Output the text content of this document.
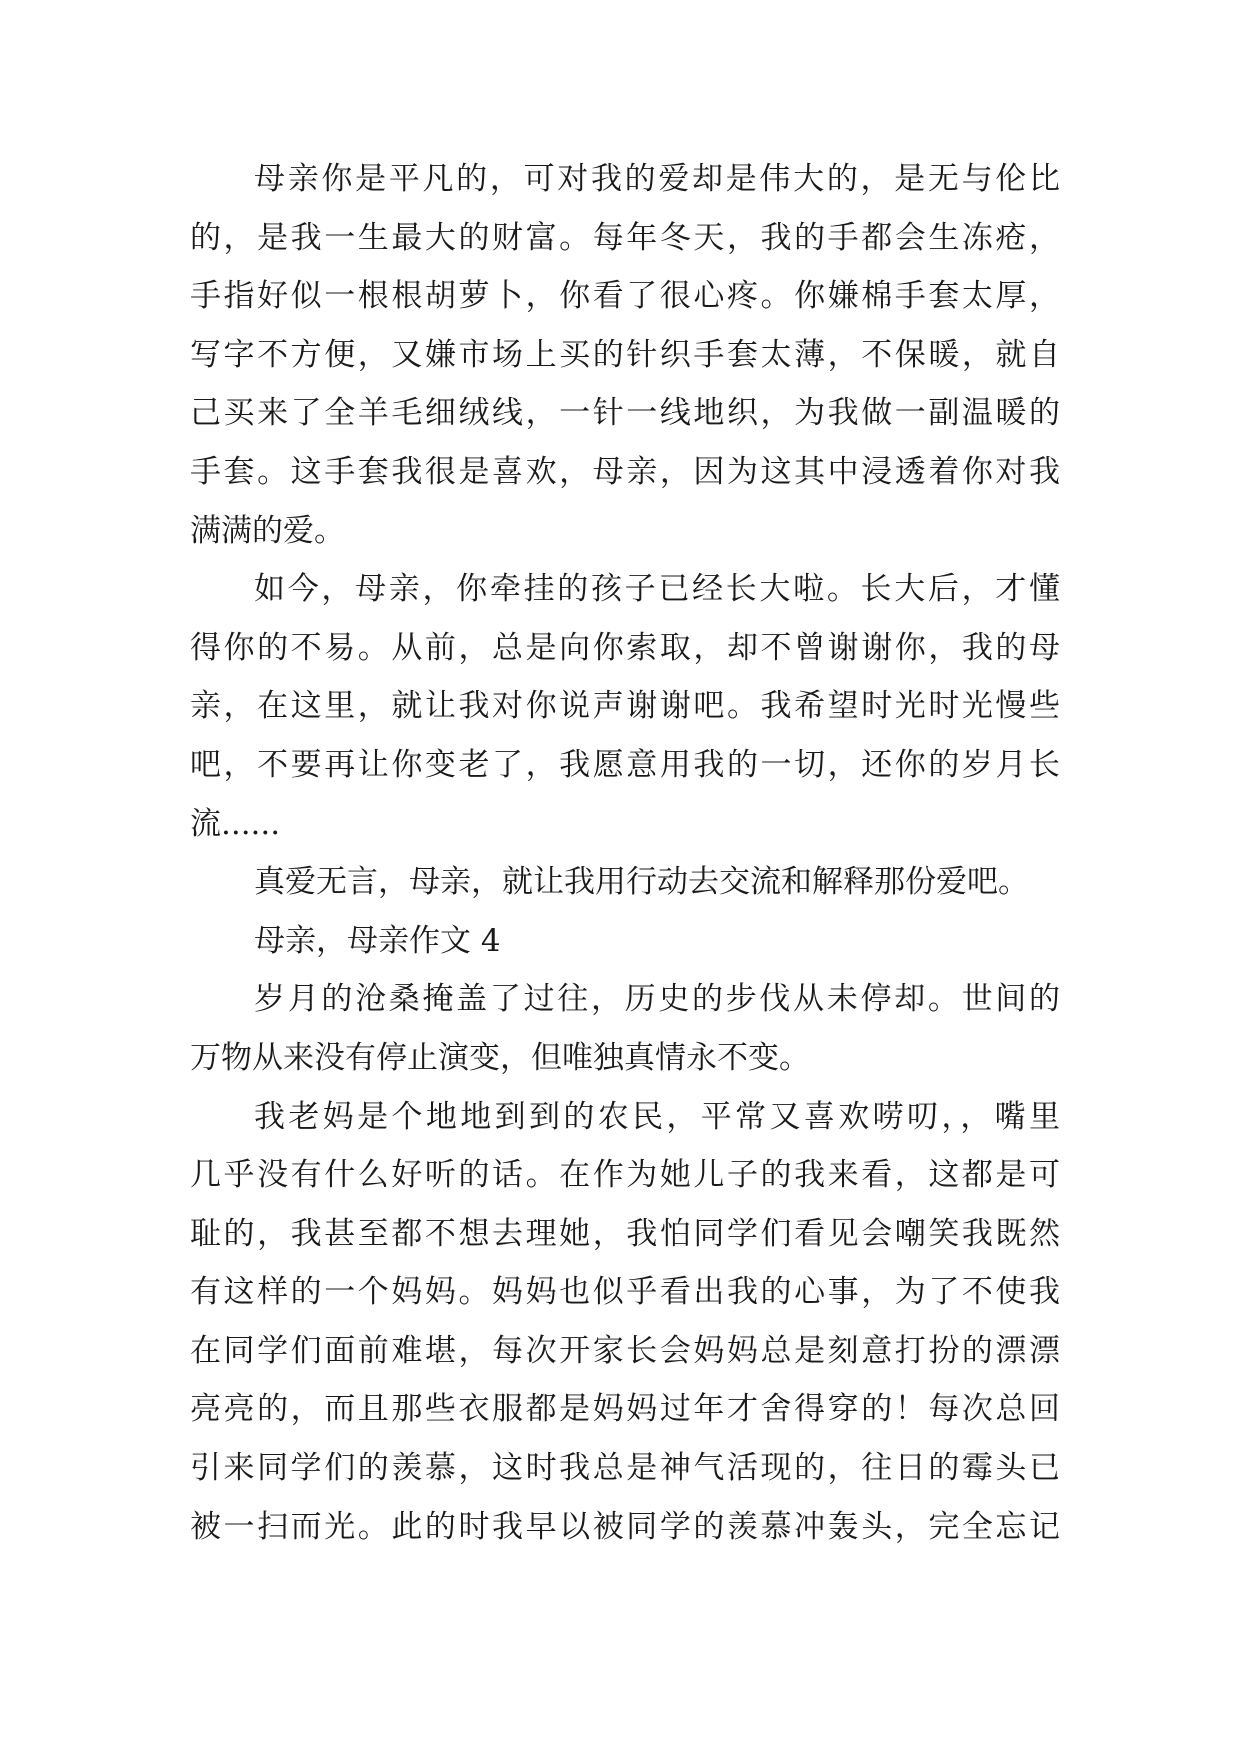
母亲你是平凡的，可对我的爱却是伟大的，是无与伦比
的，是我一生最大的财富。每年冬天，我的手都会生冻疮，
手指好似一根根胡萝卜，你看了很心疼。你嫌棉手套太厚，
写字不方便，又嫌市场上买的针织手套太薄，不保暖，就自
己买来了全羊毛细绒线，一针一线地织，为我做一副温暖的
手套。这手套我很是喜欢，母亲，因为这其中浸透着你对我
满满的爱。
如今，母亲，你牵挂的孩子已经长大啦。长大后，才懂
得你的不易。从前，总是向你索取，却不曾谢谢你，我的母
亲，在这里，就让我对你说声谢谢吧。我希望时光时光慢些
吧，不要再让你变老了，我愿意用我的一切，还你的岁月长
流......
真爱无言，母亲，就让我用行动去交流和解释那份爱吧。
母亲，母亲作文 4
岁月的沧桑掩盖了过往，历史的步伐从未停却。世间的
万物从来没有停止演变，但唯独真情永不变。
我老妈是个地地到到的农民，平常又喜欢唠叨，，嘴里
几乎没有什么好听的话。在作为她儿子的我来看，这都是可
耻的，我甚至都不想去理她，我怕同学们看见会嘲笑我既然
有这样的一个妈妈。妈妈也似乎看出我的心事，为了不使我
在同学们面前难堪，每次开家长会妈妈总是刻意打扮的漂漂
亮亮的，而且那些衣服都是妈妈过年才舍得穿的！每次总回
引来同学们的羡慕，这时我总是神气活现的，往日的霉头已
被一扫而光。此的时我早以被同学的羡慕冲轰头，完全忘记
